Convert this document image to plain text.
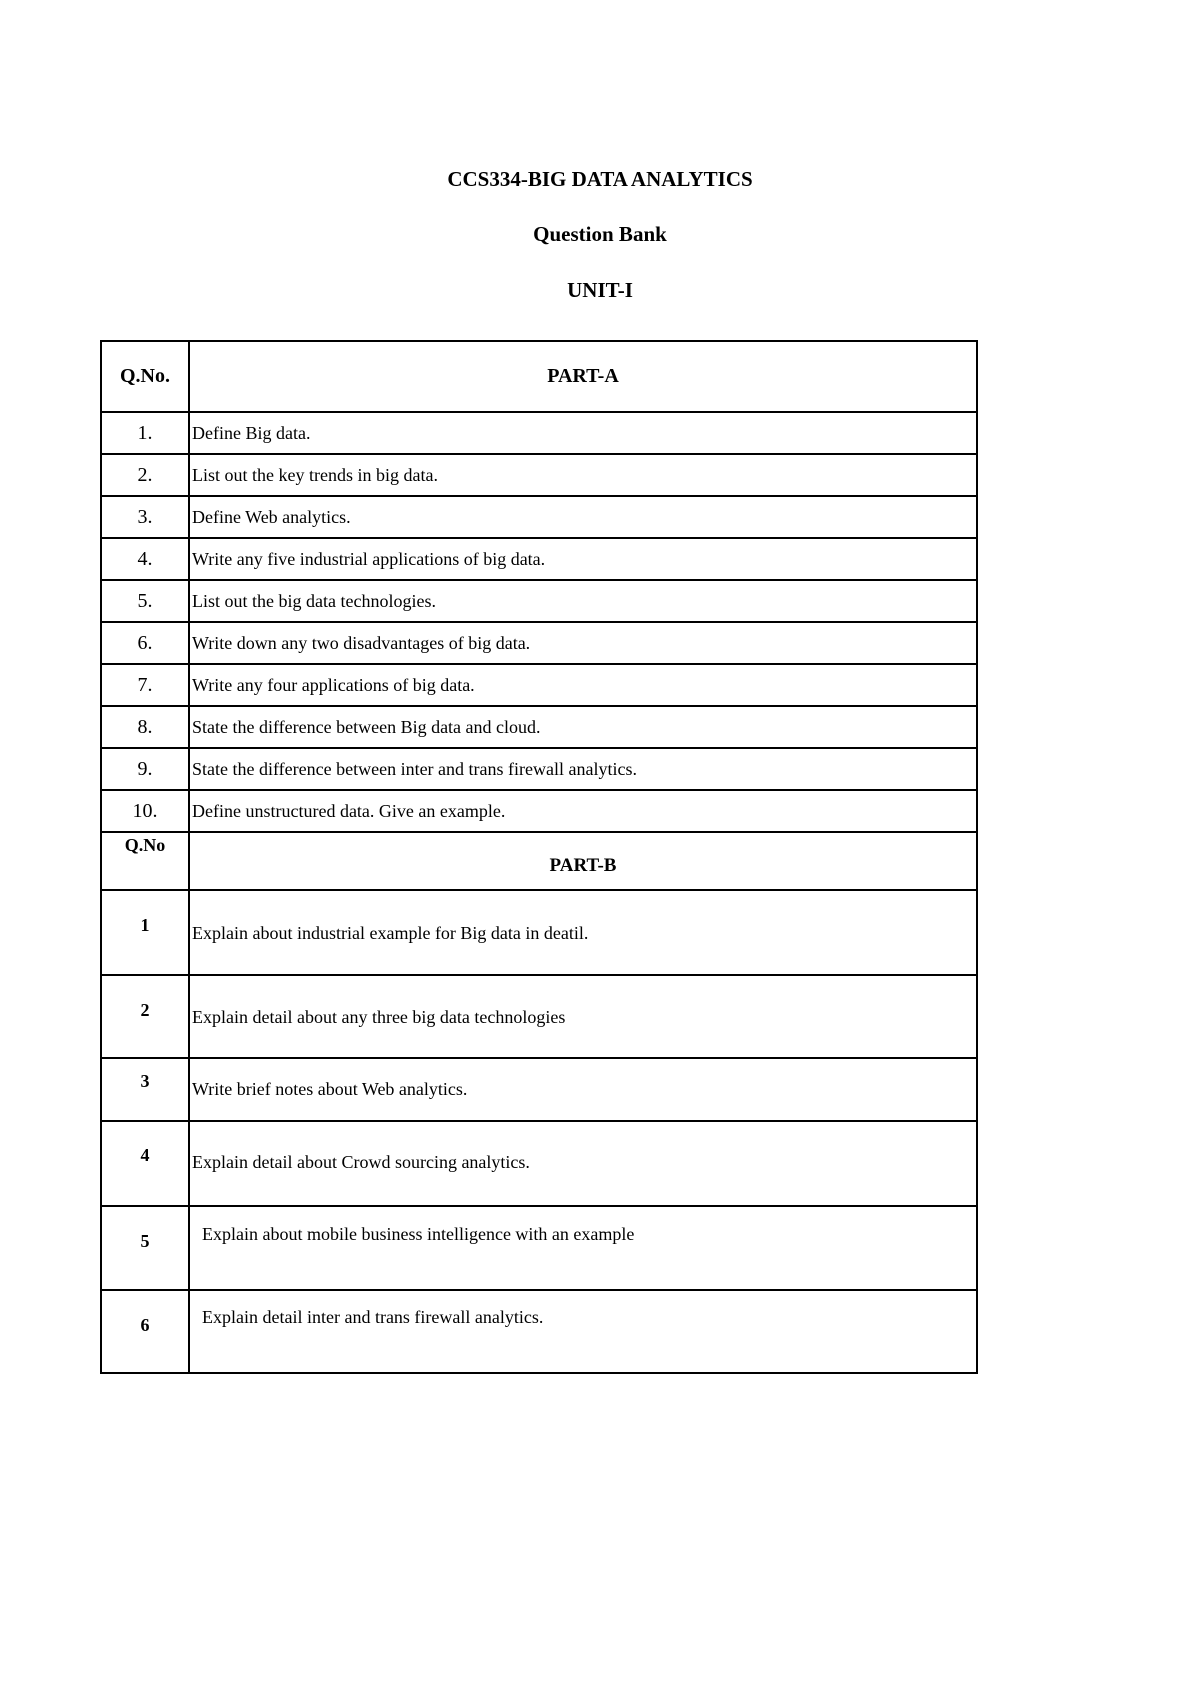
CCS334-BIG DATA ANALYTICS
Question Bank
UNIT-I
Q.No.	PART-A
1.	Define Big data.
2.	List out the key trends in big data.
3.	Define Web analytics.
4.	Write any five industrial applications of big data.
5.	List out the big data technologies.
6.	Write down any two disadvantages of big data.
7.	Write any four applications of big data.
8.	State the difference between Big data and cloud.
9.	State the difference between inter and trans firewall analytics.
10.	Define unstructured data. Give an example.
Q.No	PART-B
1	Explain about industrial example for Big data in deatil.
2	Explain detail about any three big data technologies
3	Write brief notes about Web analytics.
4	Explain detail about Crowd sourcing analytics.
5	Explain about mobile business intelligence with an example
6	Explain detail inter and trans firewall analytics.
